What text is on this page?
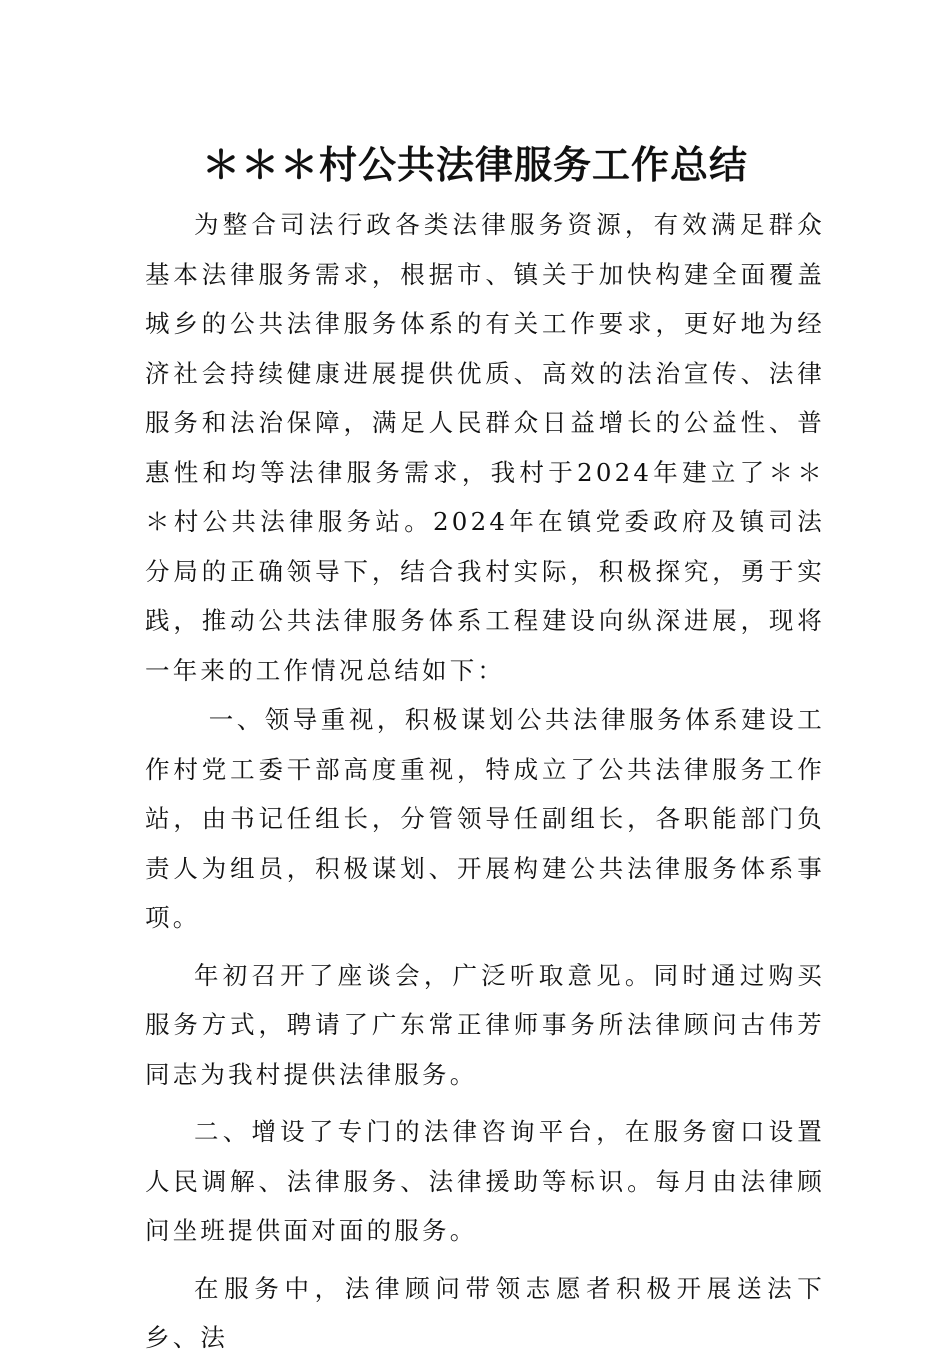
＊＊＊村公共法律服务工作总结

为整合司法行政各类法律服务资源，有效满足群众基本法律服务需求，根据市、镇关于加快构建全面覆盖城乡的公共法律服务体系的有关工作要求，更好地为经济社会持续健康进展提供优质、高效的法治宣传、法律服务和法治保障，满足人民群众日益增长的公益性、普惠性和均等法律服务需求，我村于2024年建立了＊＊＊村公共法律服务站。2024年在镇党委政府及镇司法分局的正确领导下，结合我村实际，积极探究，勇于实践，推动公共法律服务体系工程建设向纵深进展，现将一年来的工作情况总结如下：

一、领导重视，积极谋划公共法律服务体系建设工作村党工委干部高度重视，特成立了公共法律服务工作站，由书记任组长，分管领导任副组长，各职能部门负责人为组员，积极谋划、开展构建公共法律服务体系事项。

年初召开了座谈会，广泛听取意见。同时通过购买服务方式，聘请了广东常正律师事务所法律顾问古伟芳同志为我村提供法律服务。

二、增设了专门的法律咨询平台，在服务窗口设置人民调解、法律服务、法律援助等标识。每月由法律顾问坐班提供面对面的服务。

在服务中，法律顾问带领志愿者积极开展送法下乡、法
